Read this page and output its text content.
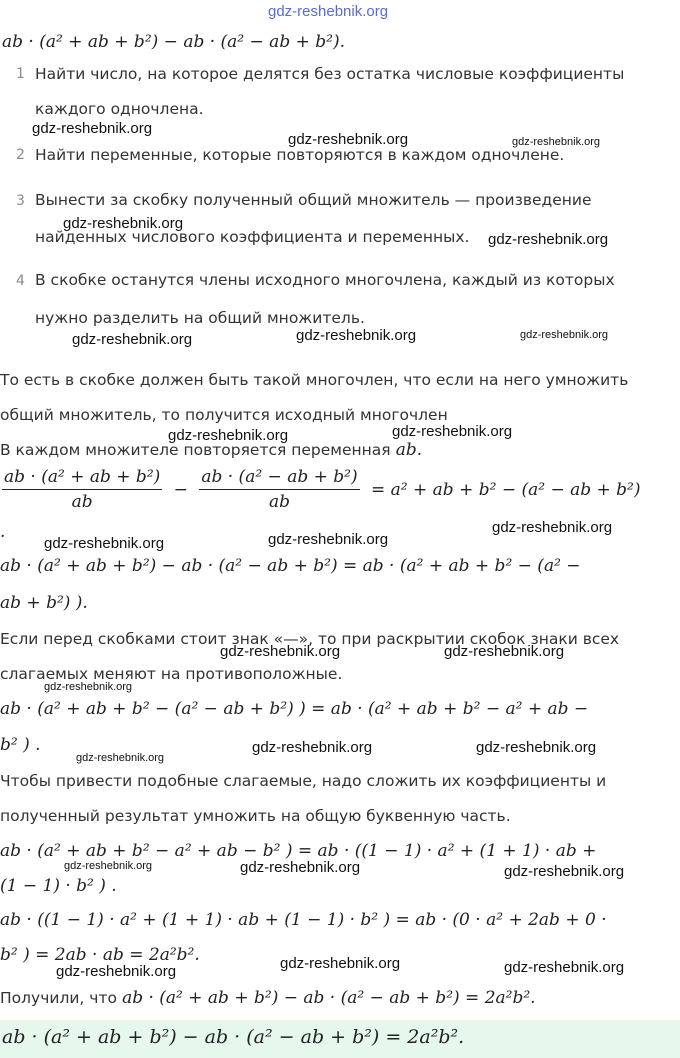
gdz-reshebnik.org
ab · (a² + ab + b²) − ab · (a² − ab + b²).
1 Найти число, на которое делятся без остатка числовые коэффициенты
каждого одночлена.
2 Найти переменные, которые повторяются в каждом одночлене.
3 Вынести за скобку полученный общий множитель — произведение
найденных числового коэффициента и переменных.
4 В скобке останутся члены исходного многочлена, каждый из которых
нужно разделить на общий множитель.
То есть в скобке должен быть такой многочлен, что если на него умножить
общий множитель, то получится исходный многочлен
В каждом множителе повторяется переменная ab.
$\frac{\text{ab · (a² + ab + b²)}}{ab} - \frac{\text{ab · (a² − ab + b²)}}{ab} = a^2$ + ab + b² − (a² − ab + b²)
.
ab · (a² + ab + b²) − ab · (a² − ab + b²) = ab · (a² + ab + b² − (a² −
ab + b²) ).
Если перед скобками стоит знак «—», то при раскрытии скобок знаки всех
слагаемых меняют на противоположные.
ab · (a² + ab + b² − (a² − ab + b²) ) = ab · (a² + ab + b² − a² + ab −
b² ) .
Чтобы привести подобные слагаемые, надо сложить их коэффициенты и
полученный результат умножить на общую буквенную часть.
ab · (a² + ab + b² − a² + ab − b² ) = ab · ((1 − 1) · a² + (1 + 1) · ab +
(1 − 1) · b² ) .
ab · ((1 − 1) · a² + (1 + 1) · ab + (1 − 1) · b² ) = ab · (0 · a² + 2ab + 0 ·
b² ) = 2ab · ab = 2a²b².
Получили, что ab · (a² + ab + b²) − ab · (a² − ab + b²) = 2a²b².
ab · (a² + ab + b²) − ab · (a² − ab + b²) = 2a²b².
gdz-reshebnik.org
gdz-reshebnik.org	gdz-reshebnik.org
gdz-reshebnik.org
gdz-reshebnik.org
gdz-reshebnik.org	gdz-reshebnik.org	gdz-reshebnik.org
gdz-reshebnik.org	gdz-reshebnik.org
gdz-reshebnik.org
gdz-reshebnik.org	gdz-reshebnik.org
gdz-reshebnik.org	gdz-reshebnik.org
gdz-reshebnik.org
gdz-reshebnik.org
gdz-reshebnik.org	gdz-reshebnik.org
gdz-reshebnik.org	gdz-reshebnik.org	gdz-reshebnik.org
gdz-reshebnik.org	gdz-reshebnik.org	gdz-reshebnik.org
